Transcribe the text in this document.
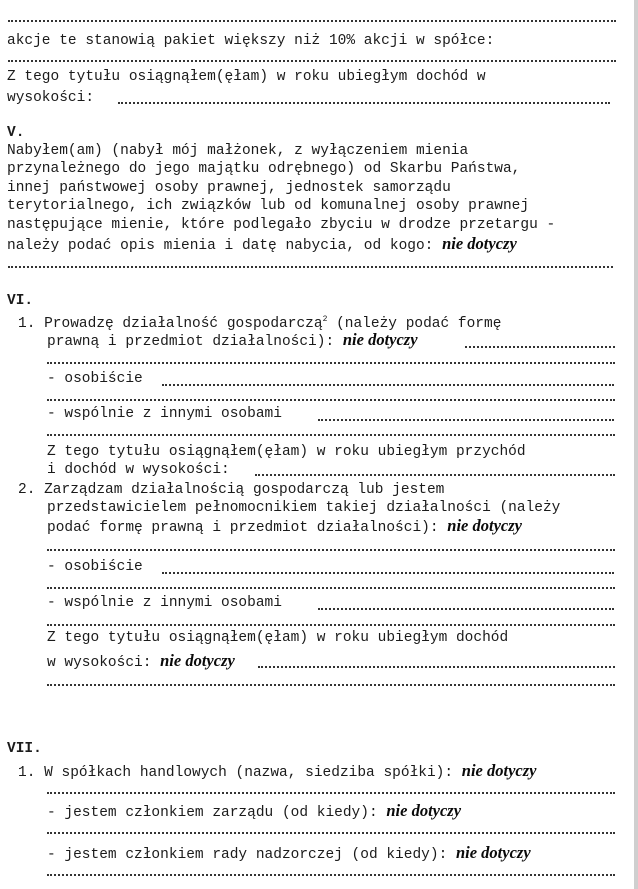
akcje te stanowią pakiet większy niż 10% akcji w spółce:
Z tego tytułu osiągnąłem(ęłam) w roku ubiegłym dochód w
wysokości:
V.
Nabyłem(am) (nabył mój małżonek, z wyłączeniem mienia
przynależnego do jego majątku odrębnego) od Skarbu Państwa,
innej państwowej osoby prawnej, jednostek samorządu
terytorialnego, ich związków lub od komunalnej osoby prawnej
następujące mienie, które podlegało zbyciu w drodze przetargu -
należy podać opis mienia i datę nabycia, od kogo: nie dotyczy
VI.
1. Prowadzę działalność gospodarczą$^2$ (należy podać formę
prawną i przedmiot działalności): nie dotyczy
- osobiście
- wspólnie z innymi osobami
Z tego tytułu osiągnąłem(ęłam) w roku ubiegłym przychód
i dochód w wysokości:
2. Zarządzam działalnością gospodarczą lub jestem
przedstawicielem pełnomocnikiem takiej działalności (należy
podać formę prawną i przedmiot działalności): nie dotyczy
- osobiście
- wspólnie z innymi osobami
Z tego tytułu osiągnąłem(ęłam) w roku ubiegłym dochód
w wysokości: nie dotyczy
VII.
1. W spółkach handlowych (nazwa, siedziba spółki): nie dotyczy
- jestem członkiem zarządu (od kiedy): nie dotyczy
- jestem członkiem rady nadzorczej (od kiedy): nie dotyczy
